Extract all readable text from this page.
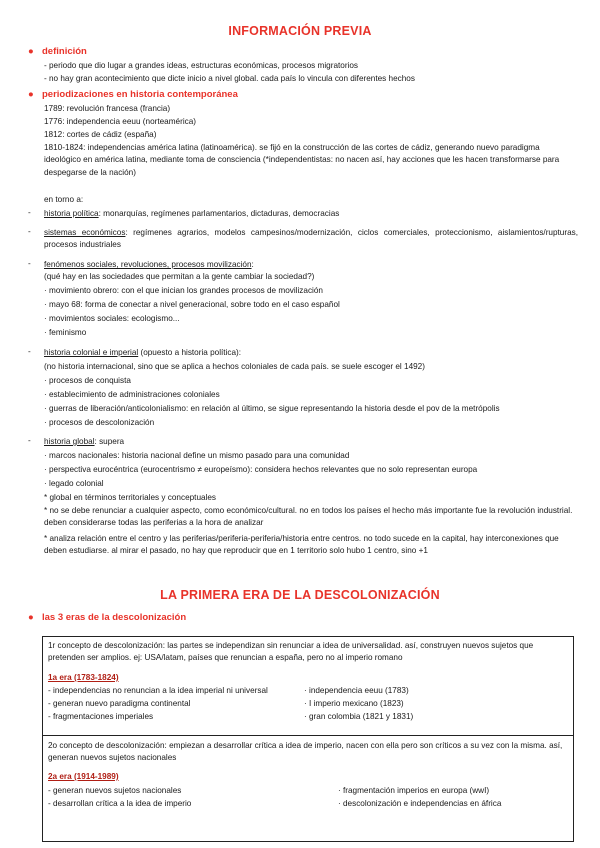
INFORMACIÓN PREVIA
● definición
- periodo que dio lugar a grandes ideas, estructuras económicas, procesos migratorios
- no hay gran acontecimiento que dicte inicio a nivel global. cada país lo vincula con diferentes hechos
● periodizaciones en historia contemporánea
1789: revolución francesa (francia)
1776: independencia eeuu (norteamérica)
1812: cortes de cádiz (españa)
1810-1824: independencias américa latina (latinoamérica). se fijó en la construcción de las cortes de cádiz, generando nuevo paradigma ideológico en américa latina, mediante toma de consciencia (*independentistas: no nacen así, hay acciones que les hacen transformarse para despegarse de la nación)
en torno a:
- historia política: monarquías, regímenes parlamentarios, dictaduras, democracias
- sistemas económicos: regímenes agrarios, modelos campesinos/modernización, ciclos comerciales, proteccionismo, aislamientos/rupturas, procesos industriales
- fenómenos sociales, revoluciones, procesos movilización:
(qué hay en las sociedades que permitan a la gente cambiar la sociedad?)
· movimiento obrero: con el que inician los grandes procesos de movilización
· mayo 68: forma de conectar a nivel generacional, sobre todo en el caso español
· movimientos sociales: ecologismo...
· feminismo
- historia colonial e imperial (opuesto a historia política):
(no historia internacional, sino que se aplica a hechos coloniales de cada país. se suele escoger el 1492)
· procesos de conquista
· establecimiento de administraciones coloniales
· guerras de liberación/anticolonialismo: en relación al último, se sigue representando la historia desde el pov de la metrópolis
· procesos de descolonización
- historia global: supera
· marcos nacionales: historia nacional define un mismo pasado para una comunidad
· perspectiva eurocéntrica (eurocentrismo ≠ europeísmo): considera hechos relevantes que no solo representan europa
· legado colonial
* global en términos territoriales y conceptuales
* no se debe renunciar a cualquier aspecto, como económico/cultural. no en todos los países el hecho más importante fue la revolución industrial. deben considerarse todas las periferias a la hora de analizar
* analiza relación entre el centro y las periferias/periferia-periferia/historia entre centros. no todo sucede en la capital, hay interconexiones que deben estudiarse. al mirar el pasado, no hay que reproducir que en 1 territorio solo hubo 1 centro, sino +1
LA PRIMERA ERA DE LA DESCOLONIZACIÓN
● las 3 eras de la descolonización
1r concepto de descolonización: las partes se independizan sin renunciar a idea de universalidad. así, construyen nuevos sujetos que pretenden ser amplios. ej: USA/latam, países que renuncian a españa, pero no al imperio romano
1a era (1783-1824)
- independencias no renuncian a la idea imperial ni universal
- generan nuevo paradigma continental
- fragmentaciones imperiales
· independencia eeuu (1783)
· I imperio mexicano (1823)
· gran colombia (1821 y 1831)
2o concepto de descolonización: empiezan a desarrollar crítica a idea de imperio, nacen con ella pero son críticos a su vez con la misma. así, generan nuevos sujetos nacionales
2a era (1914-1989)
- generan nuevos sujetos nacionales
- desarrollan crítica a la idea de imperio
· fragmentación imperios en europa (wwI)
· descolonización e independencias en áfrica
